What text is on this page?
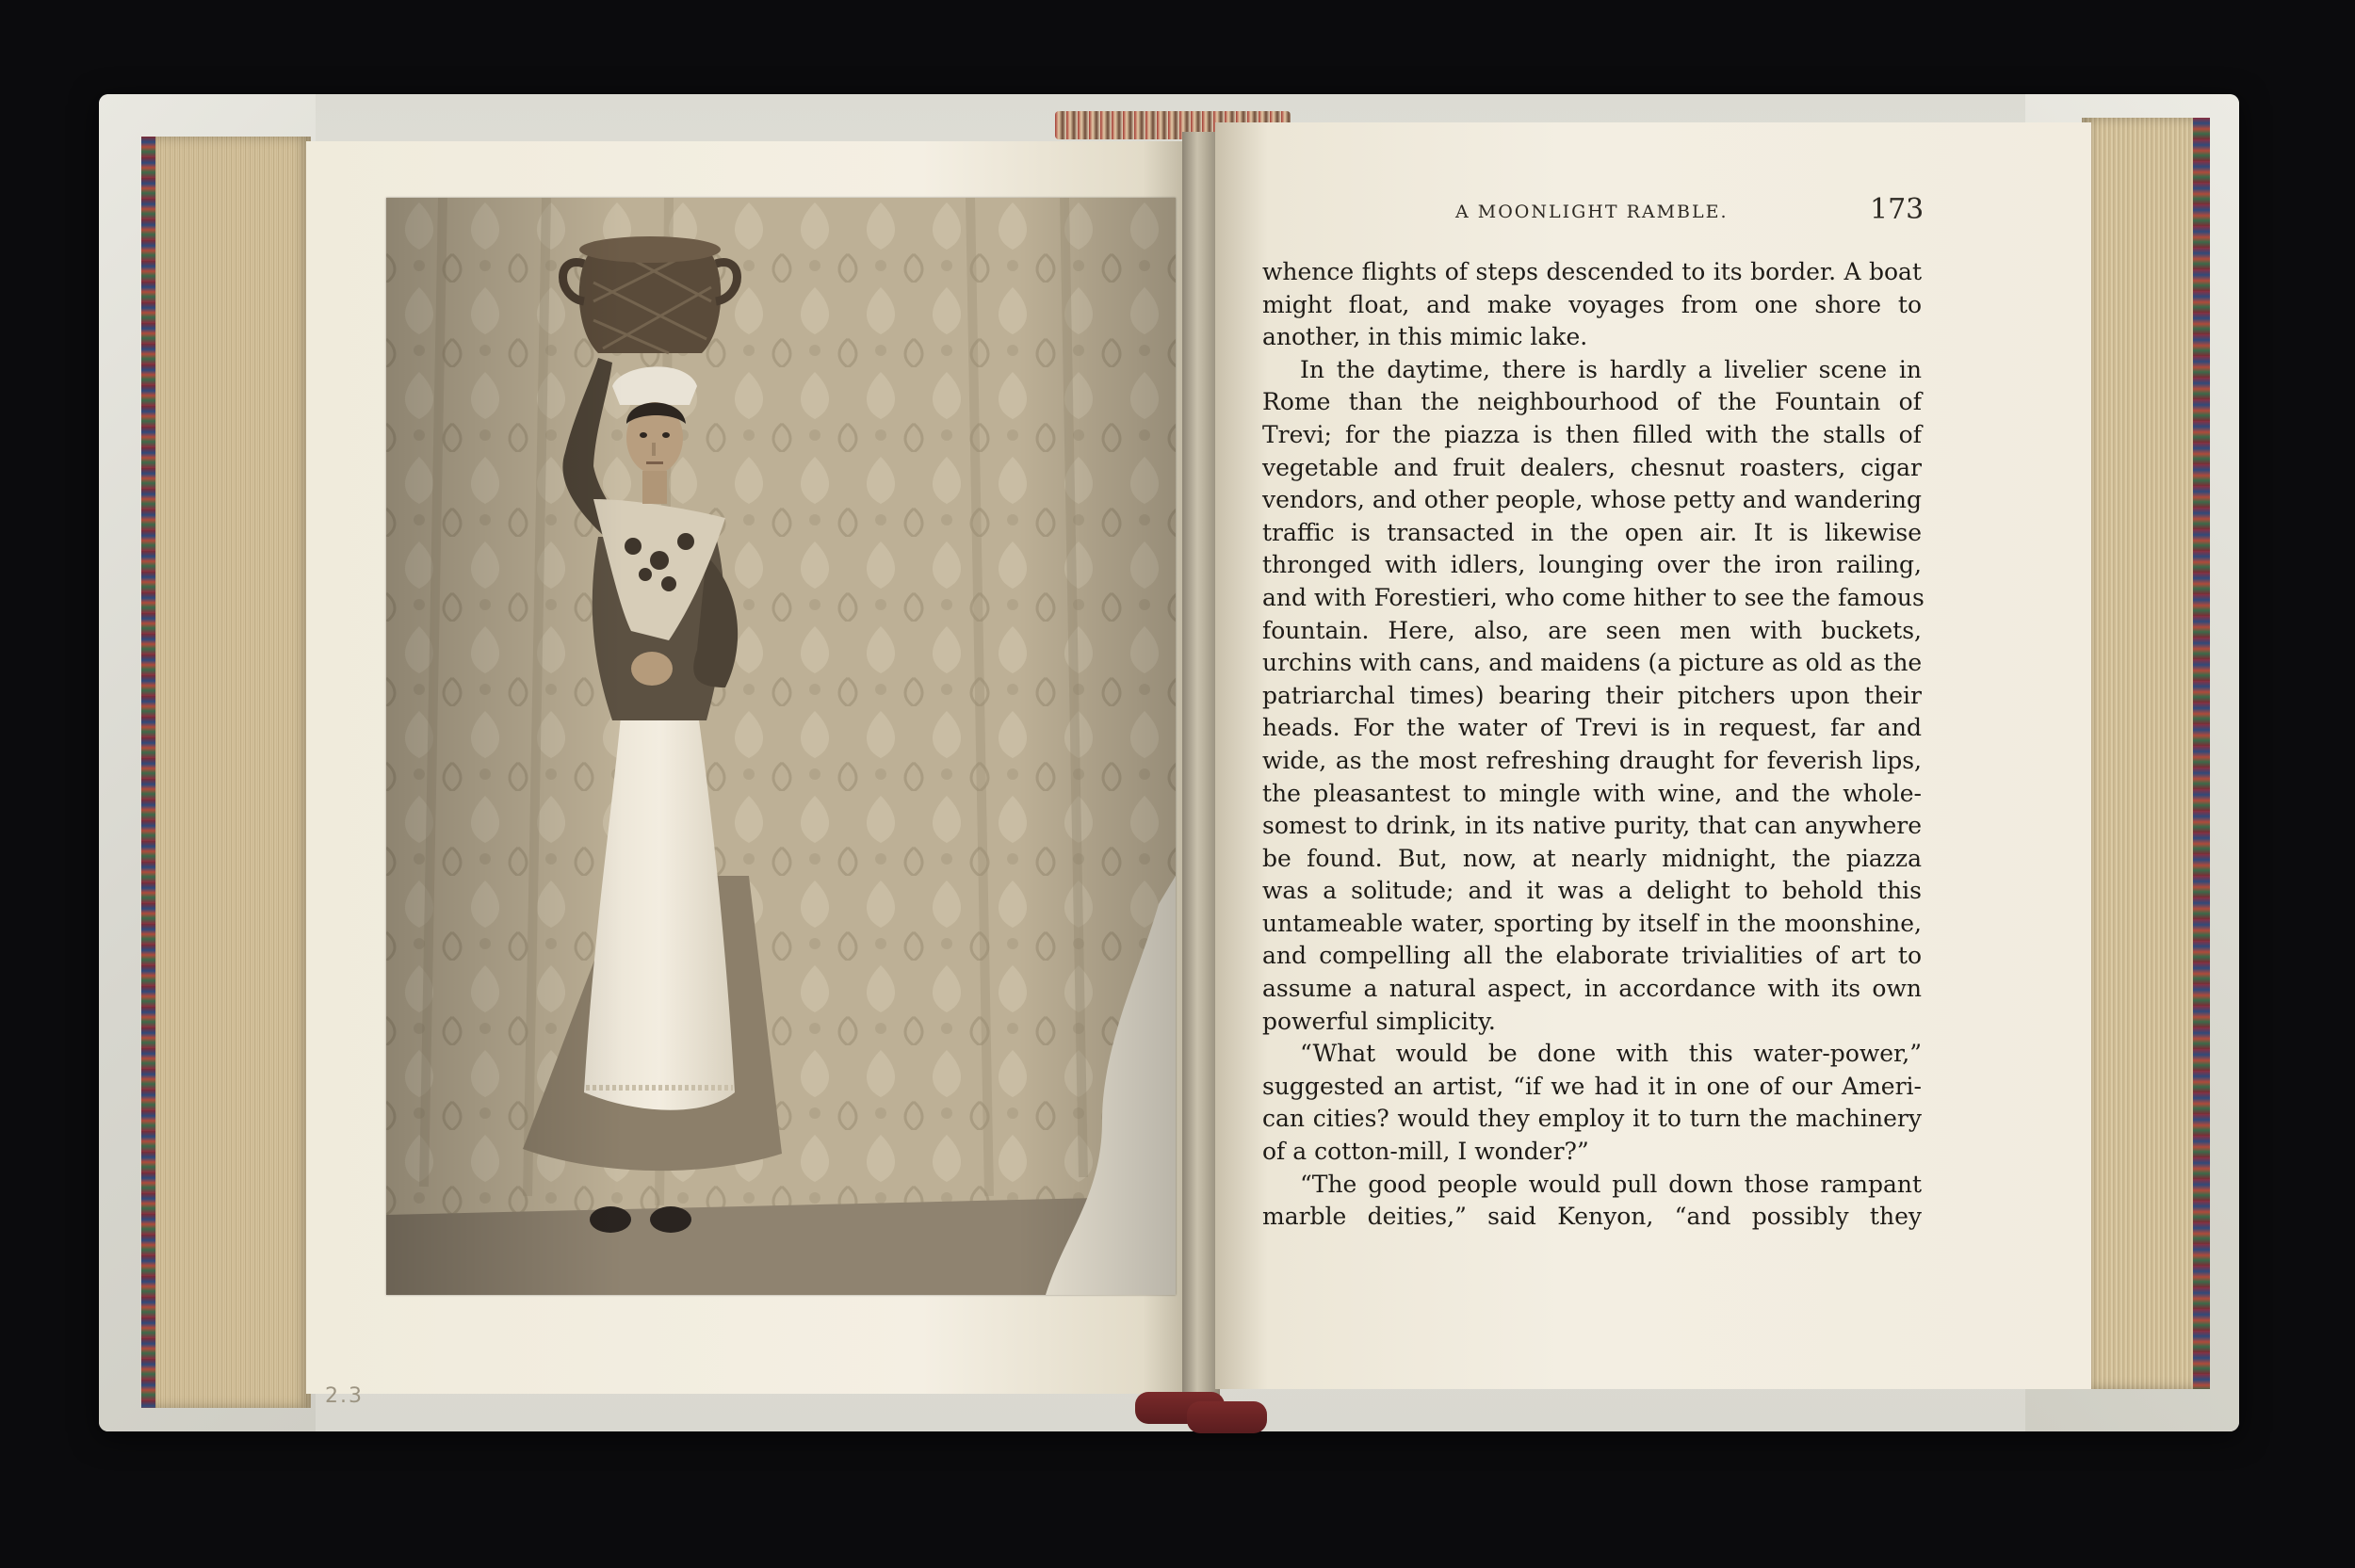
2.3
A MOONLIGHT RAMBLE.	173
whence flights of steps descended to its border. A boat
might float, and make voyages from one shore to
another, in this mimic lake.
In the daytime, there is hardly a livelier scene in
Rome than the neighbourhood of the Fountain of
Trevi; for the piazza is then filled with the stalls of
vegetable and fruit dealers, chesnut roasters, cigar
vendors, and other people, whose petty and wandering
traffic is transacted in the open air. It is likewise
thronged with idlers, lounging over the iron railing,
and with Forestieri, who come hither to see the famous
fountain. Here, also, are seen men with buckets,
urchins with cans, and maidens (a picture as old as the
patriarchal times) bearing their pitchers upon their
heads. For the water of Trevi is in request, far and
wide, as the most refreshing draught for feverish lips,
the pleasantest to mingle with wine, and the whole-
somest to drink, in its native purity, that can anywhere
be found. But, now, at nearly midnight, the piazza
was a solitude; and it was a delight to behold this
untameable water, sporting by itself in the moonshine,
and compelling all the elaborate trivialities of art to
assume a natural aspect, in accordance with its own
powerful simplicity.
“What would be done with this water-power,”
suggested an artist, “if we had it in one of our Ameri-
can cities? would they employ it to turn the machinery
of a cotton-mill, I wonder?”
“The good people would pull down those rampant
marble deities,” said Kenyon, “and possibly they
